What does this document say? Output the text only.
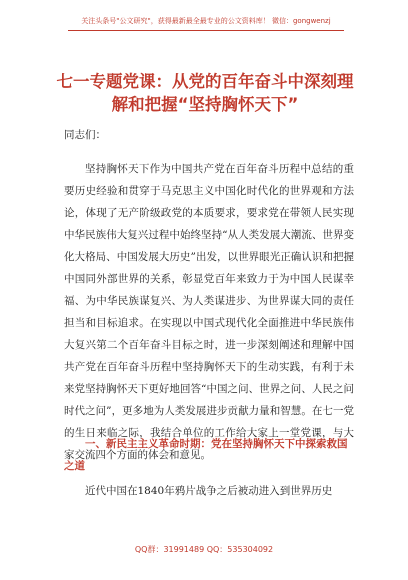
关注头条号"公文研究"，获得最新最全最专业的公文资料库！ 微信：gongwenzj
七一专题党课：从党的百年奋斗中深刻理解和把握“坚持胸怀天下”
同志们：

坚持胸怀天下作为中国共产党在百年奋斗历程中总结的重要历史经验和贯穿于马克思主义中国化时代化的世界观和方法论，体现了无产阶级政党的本质要求，要求党在带领人民实现中华民族伟大复兴过程中始终坚持“从人类发展大潮流、世界变化大格局、中国发展大历史”出发，以世界眼光正确认识和把握中国同外部世界的关系，彰显党百年来致力于为中国人民谋幸福、为中华民族谋复兴、为人类谋进步、为世界谋大同的责任担当和目标追求。在实现以中国式现代化全面推进中华民族伟大复兴第二个百年奋斗目标之时，进一步深刻阐述和理解中国共产党在百年奋斗历程中坚持胸怀天下的生动实践，有利于未来党坚持胸怀天下更好地回答“中国之问、世界之问、人民之问时代之问”，更多地为人类发展进步贡献力量和智慧。在七一党的生日来临之际，我结合单位的工作给大家上一堂党课，与大家交流四个方面的体会和意见。

一、新民主主义革命时期：党在坚持胸怀天下中探索救国之道

近代中国在1840年鸦片战争之后被动进入到世界历史

QQ群：31991489 QQ：535304092
